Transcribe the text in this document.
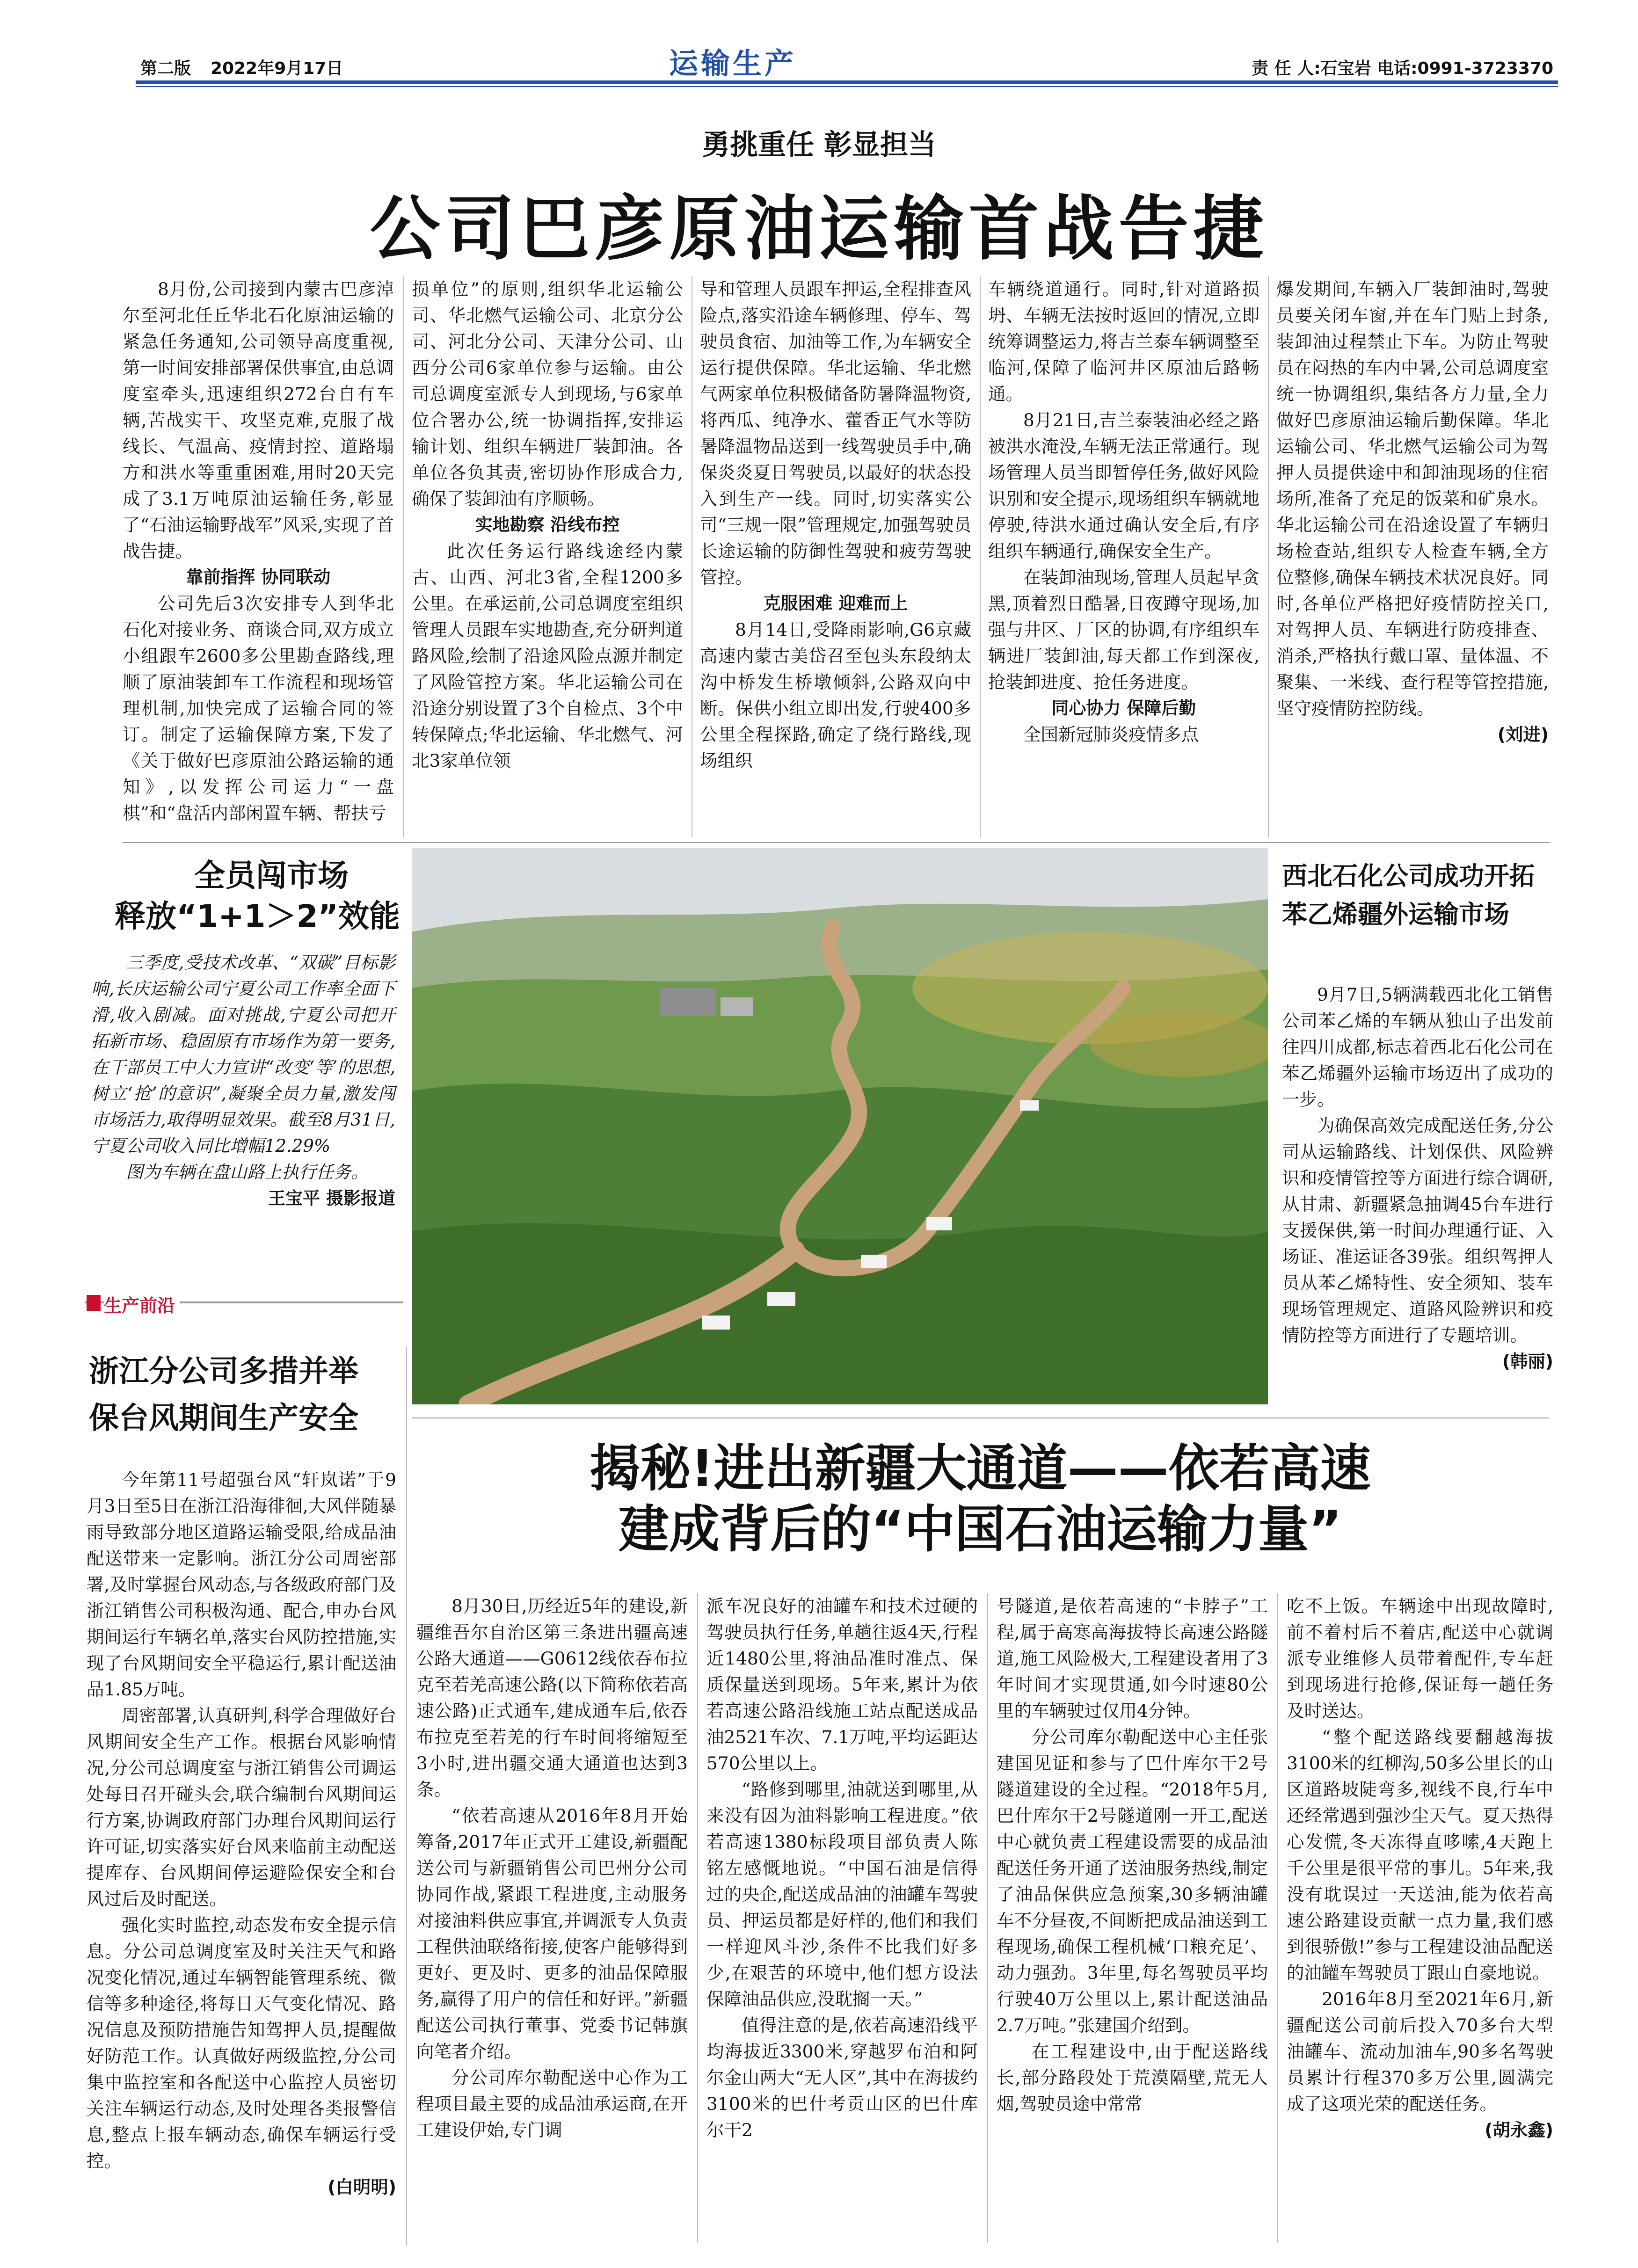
第二版 2022年9月17日	运输生产	责 任 人:石宝岩 电话:0991-3723370
勇挑重任 彰显担当
公司巴彦原油运输首战告捷

8月份,公司接到内蒙古巴彦淖尔至河北任丘华北石化原油运输的紧急任务通知,公司领导高度重视,第一时间安排部署保供事宜,由总调度室牵头,迅速组织272台自有车辆,苦战实干、攻坚克难,克服了战线长、气温高、疫情封控、道路塌方和洪水等重重困难,用时20天完成了3.1万吨原油运输任务,彰显了“石油运输野战军”风采,实现了首战告捷。

靠前指挥 协同联动

公司先后3次安排专人到华北石化对接业务、商谈合同,双方成立小组跟车2600多公里勘查路线,理顺了原油装卸车工作流程和现场管理机制,加快完成了运输合同的签订。制定了运输保障方案,下发了《关于做好巴彦原油公路运输的通知》,以发挥公司运力“一盘棋”和“盘活内部闲置车辆、帮扶亏

损单位”的原则,组织华北运输公司、华北燃气运输公司、北京分公司、河北分公司、天津分公司、山西分公司6家单位参与运输。由公司总调度室派专人到现场,与6家单位合署办公,统一协调指挥,安排运输计划、组织车辆进厂装卸油。各单位各负其责,密切协作形成合力,确保了装卸油有序顺畅。

实地勘察 沿线布控

此次任务运行路线途经内蒙古、山西、河北3省,全程1200多公里。在承运前,公司总调度室组织管理人员跟车实地勘查,充分研判道路风险,绘制了沿途风险点源并制定了风险管控方案。华北运输公司在沿途分别设置了3个自检点、3个中转保障点;华北运输、华北燃气、河北3家单位领

导和管理人员跟车押运,全程排查风险点,落实沿途车辆修理、停车、驾驶员食宿、加油等工作,为车辆安全运行提供保障。华北运输、华北燃气两家单位积极储备防暑降温物资,将西瓜、纯净水、藿香正气水等防暑降温物品送到一线驾驶员手中,确保炎炎夏日驾驶员,以最好的状态投入到生产一线。同时,切实落实公司“三规一限”管理规定,加强驾驶员长途运输的防御性驾驶和疲劳驾驶管控。

克服困难 迎难而上

8月14日,受降雨影响,G6京藏高速内蒙古美岱召至包头东段纳太沟中桥发生桥墩倾斜,公路双向中断。保供小组立即出发,行驶400多公里全程探路,确定了绕行路线,现场组织

车辆绕道通行。同时,针对道路损坍、车辆无法按时返回的情况,立即统筹调整运力,将吉兰泰车辆调整至临河,保障了临河井区原油后路畅通。

8月21日,吉兰泰装油必经之路被洪水淹没,车辆无法正常通行。现场管理人员当即暂停任务,做好风险识别和安全提示,现场组织车辆就地停驶,待洪水通过确认安全后,有序组织车辆通行,确保安全生产。

在装卸油现场,管理人员起早贪黑,顶着烈日酷暑,日夜蹲守现场,加强与井区、厂区的协调,有序组织车辆进厂装卸油,每天都工作到深夜,抢装卸进度、抢任务进度。

同心协力 保障后勤

全国新冠肺炎疫情多点

爆发期间,车辆入厂装卸油时,驾驶员要关闭车窗,并在车门贴上封条,装卸油过程禁止下车。为防止驾驶员在闷热的车内中暑,公司总调度室统一协调组织,集结各方力量,全力做好巴彦原油运输后勤保障。华北运输公司、华北燃气运输公司为驾押人员提供途中和卸油现场的住宿场所,准备了充足的饭菜和矿泉水。华北运输公司在沿途设置了车辆归场检查站,组织专人检查车辆,全方位整修,确保车辆技术状况良好。同时,各单位严格把好疫情防控关口,对驾押人员、车辆进行防疫排查、消杀,严格执行戴口罩、量体温、不聚集、一米线、查行程等管控措施,坚守疫情防控防线。

(刘进)

全员闯市场
释放“1+1＞2”效能

三季度,受技术改革、“双碳”目标影响,长庆运输公司宁夏公司工作率全面下滑,收入剧减。面对挑战,宁夏公司把开拓新市场、稳固原有市场作为第一要务,在干部员工中大力宣讲“改变‘等’的思想,树立‘抢’的意识”,凝聚全员力量,激发闯市场活力,取得明显效果。截至8月31日,宁夏公司收入同比增幅12.29%

图为车辆在盘山路上执行任务。

王宝平 摄影报道

西北石化公司成功开拓
苯乙烯疆外运输市场

9月7日,5辆满载西北化工销售公司苯乙烯的车辆从独山子出发前往四川成都,标志着西北石化公司在苯乙烯疆外运输市场迈出了成功的一步。

为确保高效完成配送任务,分公司从运输路线、计划保供、风险辨识和疫情管控等方面进行综合调研,从甘肃、新疆紧急抽调45台车进行支援保供,第一时间办理通行证、入场证、准运证各39张。组织驾押人员从苯乙烯特性、安全须知、装车现场管理规定、道路风险辨识和疫情防控等方面进行了专题培训。

(韩丽)

生产前沿
浙江分公司多措并举
保台风期间生产安全

今年第11号超强台风“轩岚诺”于9月3日至5日在浙江沿海徘徊,大风伴随暴雨导致部分地区道路运输受限,给成品油配送带来一定影响。浙江分公司周密部署,及时掌握台风动态,与各级政府部门及浙江销售公司积极沟通、配合,申办台风期间运行车辆名单,落实台风防控措施,实现了台风期间安全平稳运行,累计配送油品1.85万吨。

周密部署,认真研判,科学合理做好台风期间安全生产工作。根据台风影响情况,分公司总调度室与浙江销售公司调运处每日召开碰头会,联合编制台风期间运行方案,协调政府部门办理台风期间运行许可证,切实落实好台风来临前主动配送提库存、台风期间停运避险保安全和台风过后及时配送。

强化实时监控,动态发布安全提示信息。分公司总调度室及时关注天气和路况变化情况,通过车辆智能管理系统、微信等多种途径,将每日天气变化情况、路况信息及预防措施告知驾押人员,提醒做好防范工作。认真做好两级监控,分公司集中监控室和各配送中心监控人员密切关注车辆运行动态,及时处理各类报警信息,整点上报车辆动态,确保车辆运行受控。

(白明明)

揭秘!进出新疆大通道——依若高速
建成背后的“中国石油运输力量”

8月30日,历经近5年的建设,新疆维吾尔自治区第三条进出疆高速公路大通道——G0612线依吞布拉克至若羌高速公路(以下简称依若高速公路)正式通车,建成通车后,依吞布拉克至若羌的行车时间将缩短至3小时,进出疆交通大通道也达到3条。

“依若高速从2016年8月开始筹备,2017年正式开工建设,新疆配送公司与新疆销售公司巴州分公司协同作战,紧跟工程进度,主动服务对接油料供应事宜,并调派专人负责工程供油联络衔接,使客户能够得到更好、更及时、更多的油品保障服务,赢得了用户的信任和好评。”新疆配送公司执行董事、党委书记韩旗向笔者介绍。

分公司库尔勒配送中心作为工程项目最主要的成品油承运商,在开工建设伊始,专门调

派车况良好的油罐车和技术过硬的驾驶员执行任务,单趟往返4天,行程近1480公里,将油品准时准点、保质保量送到现场。5年来,累计为依若高速公路沿线施工站点配送成品油2521车次、7.1万吨,平均运距达570公里以上。

“路修到哪里,油就送到哪里,从来没有因为油料影响工程进度。”依若高速1380标段项目部负责人陈铭左感慨地说。“中国石油是信得过的央企,配送成品油的油罐车驾驶员、押运员都是好样的,他们和我们一样迎风斗沙,条件不比我们好多少,在艰苦的环境中,他们想方设法保障油品供应,没耽搁一天。”

值得注意的是,依若高速沿线平均海拔近3300米,穿越罗布泊和阿尔金山两大“无人区”,其中在海拔约3100米的巴什考贡山区的巴什库尔干2

号隧道,是依若高速的“卡脖子”工程,属于高寒高海拔特长高速公路隧道,施工风险极大,工程建设者用了3年时间才实现贯通,如今时速80公里的车辆驶过仅用4分钟。

分公司库尔勒配送中心主任张建国见证和参与了巴什库尔干2号隧道建设的全过程。“2018年5月,巴什库尔干2号隧道刚一开工,配送中心就负责工程建设需要的成品油配送任务开通了送油服务热线,制定了油品保供应急预案,30多辆油罐车不分昼夜,不间断把成品油送到工程现场,确保工程机械‘口粮充足’、动力强劲。3年里,每名驾驶员平均行驶40万公里以上,累计配送油品2.7万吨。”张建国介绍到。

在工程建设中,由于配送路线长,部分路段处于荒漠隔壁,荒无人烟,驾驶员途中常常

吃不上饭。车辆途中出现故障时,前不着村后不着店,配送中心就调派专业维修人员带着配件,专车赶到现场进行抢修,保证每一趟任务及时送达。

“整个配送路线要翻越海拔3100米的红柳沟,50多公里长的山区道路坡陡弯多,视线不良,行车中还经常遇到强沙尘天气。夏天热得心发慌,冬天冻得直哆嗦,4天跑上千公里是很平常的事儿。5年来,我没有耽误过一天送油,能为依若高速公路建设贡献一点力量,我们感到很骄傲!”参与工程建设油品配送的油罐车驾驶员丁跟山自豪地说。

2016年8月至2021年6月,新疆配送公司前后投入70多台大型油罐车、流动加油车,90多名驾驶员累计行程370多万公里,圆满完成了这项光荣的配送任务。

(胡永鑫)
